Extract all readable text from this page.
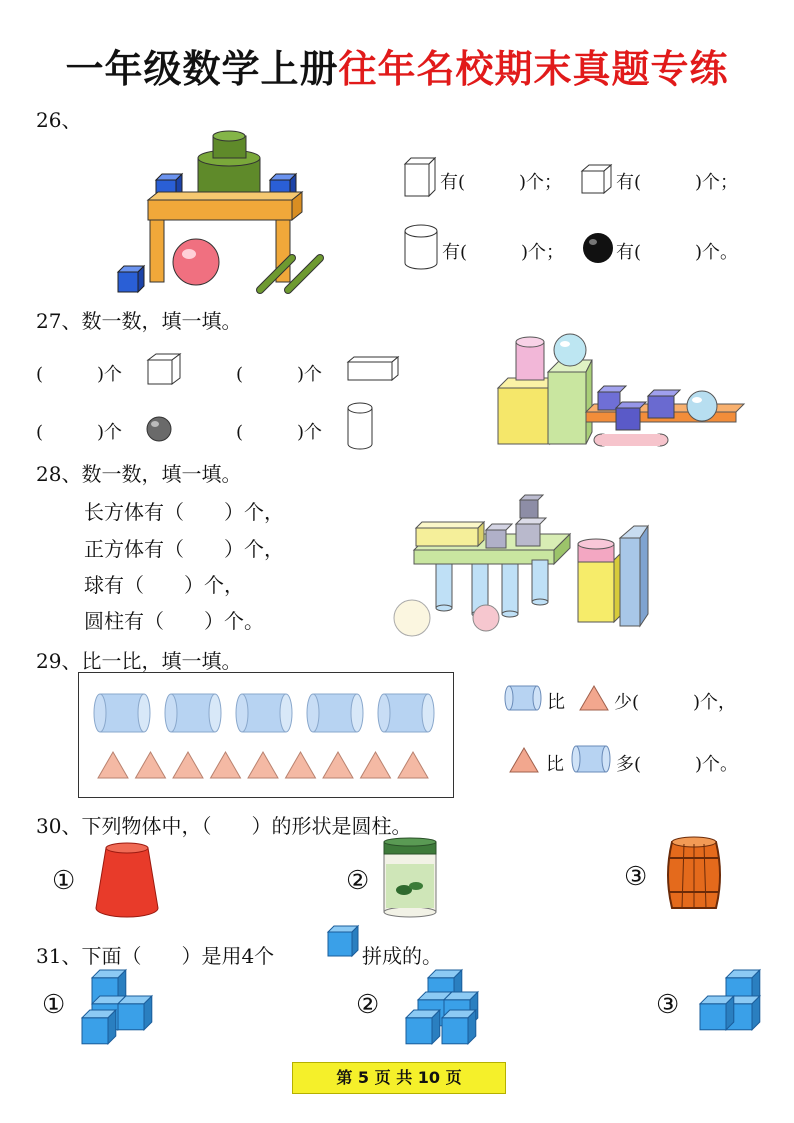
一年级数学上册往年名校期末真题专练
26、
有(　　　)个；	有(　　　)个；
有(　　　)个；	有(　　　)个。
27、数一数，填一填。
(　　　)个	(　　　)个
(　　　)个	(　　　)个
28、数一数，填一填。
长方体有（　　）个，
正方体有（　　）个，
球有（　　）个，
圆柱有（　　）个。
29、比一比，填一填。
比	少(　　　)个，
比	多(　　　)个。
30、下列物体中，（　　）的形状是圆柱。
①	②	③
31、下面（　　）是用4个	拼成的。
①	②	③
第 5 页 共 10 页
